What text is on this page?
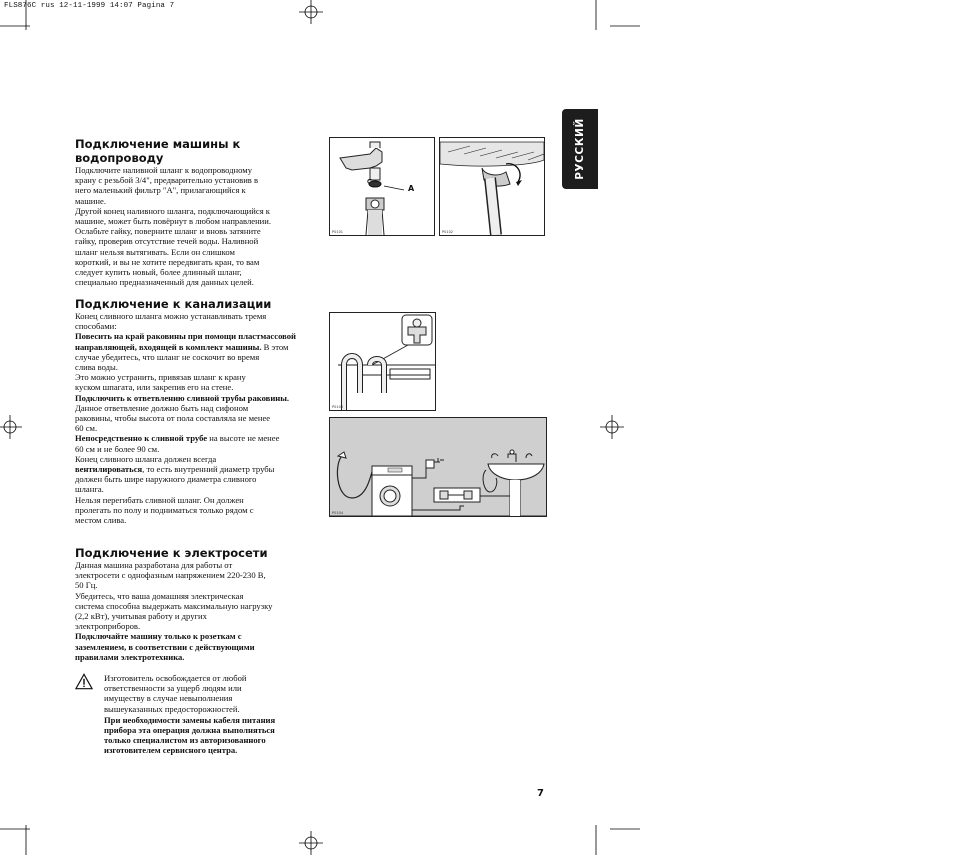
FLS876C rus 12-11-1999 14:07 Pagina 7
РУССКИЙ

Подключение машины к

водопроводу

Подключите наливной шланг к водопроводному

крану с резьбой 3/4", предварительно установив в

него маленький фильтр "A", прилагающийся к

машине.

Другой конец наливного шланга, подключающийся к

машине, может быть повёрнут в любом направлении.

Ослабьте гайку, поверните шланг и вновь затяните

гайку, проверив отсутствие течей воды. Наливной

шланг нельзя вытягивать. Если он слишком

короткий, и вы не хотите передвигать кран, то вам

следует купить новый, более длинный шланг,

специально предназначенный для данных целей.

Подключение к канализации

Конец сливного шланга можно устанавливать тремя

способами:

Повесить на край раковины при помощи пластмассовой

направляющей, входящей в комплект машины. В этом

случае убедитесь, что шланг не соскочит во время

слива воды.

Это можно устранить, привязав шланг к крану

куском шпагата, или закрепив его на стене.

Подключить к ответвлению сливной трубы раковины.

Данное ответвление должно быть над сифоном

раковины, чтобы высота от пола составляла не менее

60 см.

Непосредственно к сливной трубе на высоте не менее

60 см и не более 90 см.

Конец сливного шланга должен всегда

вентилироваться, то есть внутренний диаметр трубы

должен быть шире наружного диаметра сливного

шланга.

Нельзя перегибать сливной шланг. Он должен

пролегать по полу и подниматься только рядом с

местом слива.

Подключение к электросети

Данная машина разработана для работы от

электросети с однофазным напряжением 220-230 В,

50 Гц.

Убедитесь, что ваша домашняя электрическая

система способна выдержать максимальную нагрузку

(2,2 кВт), учитывая работу и других

электроприборов.

Подключайте машину только к розеткам с

заземлением, в соответствии с действующими

правилами электротехника.

Изготовитель освобождается от любой

ответственности за ущерб людям или

имуществу в случае невыполнения

вышеуказанных предосторожностей.

При необходимости замены кабеля питания

прибора эта операция должна выполняться

только специалистом из авторизованного

изготовителем сервисного центра.

A
P0101	P0102
P0103
P0104
7
